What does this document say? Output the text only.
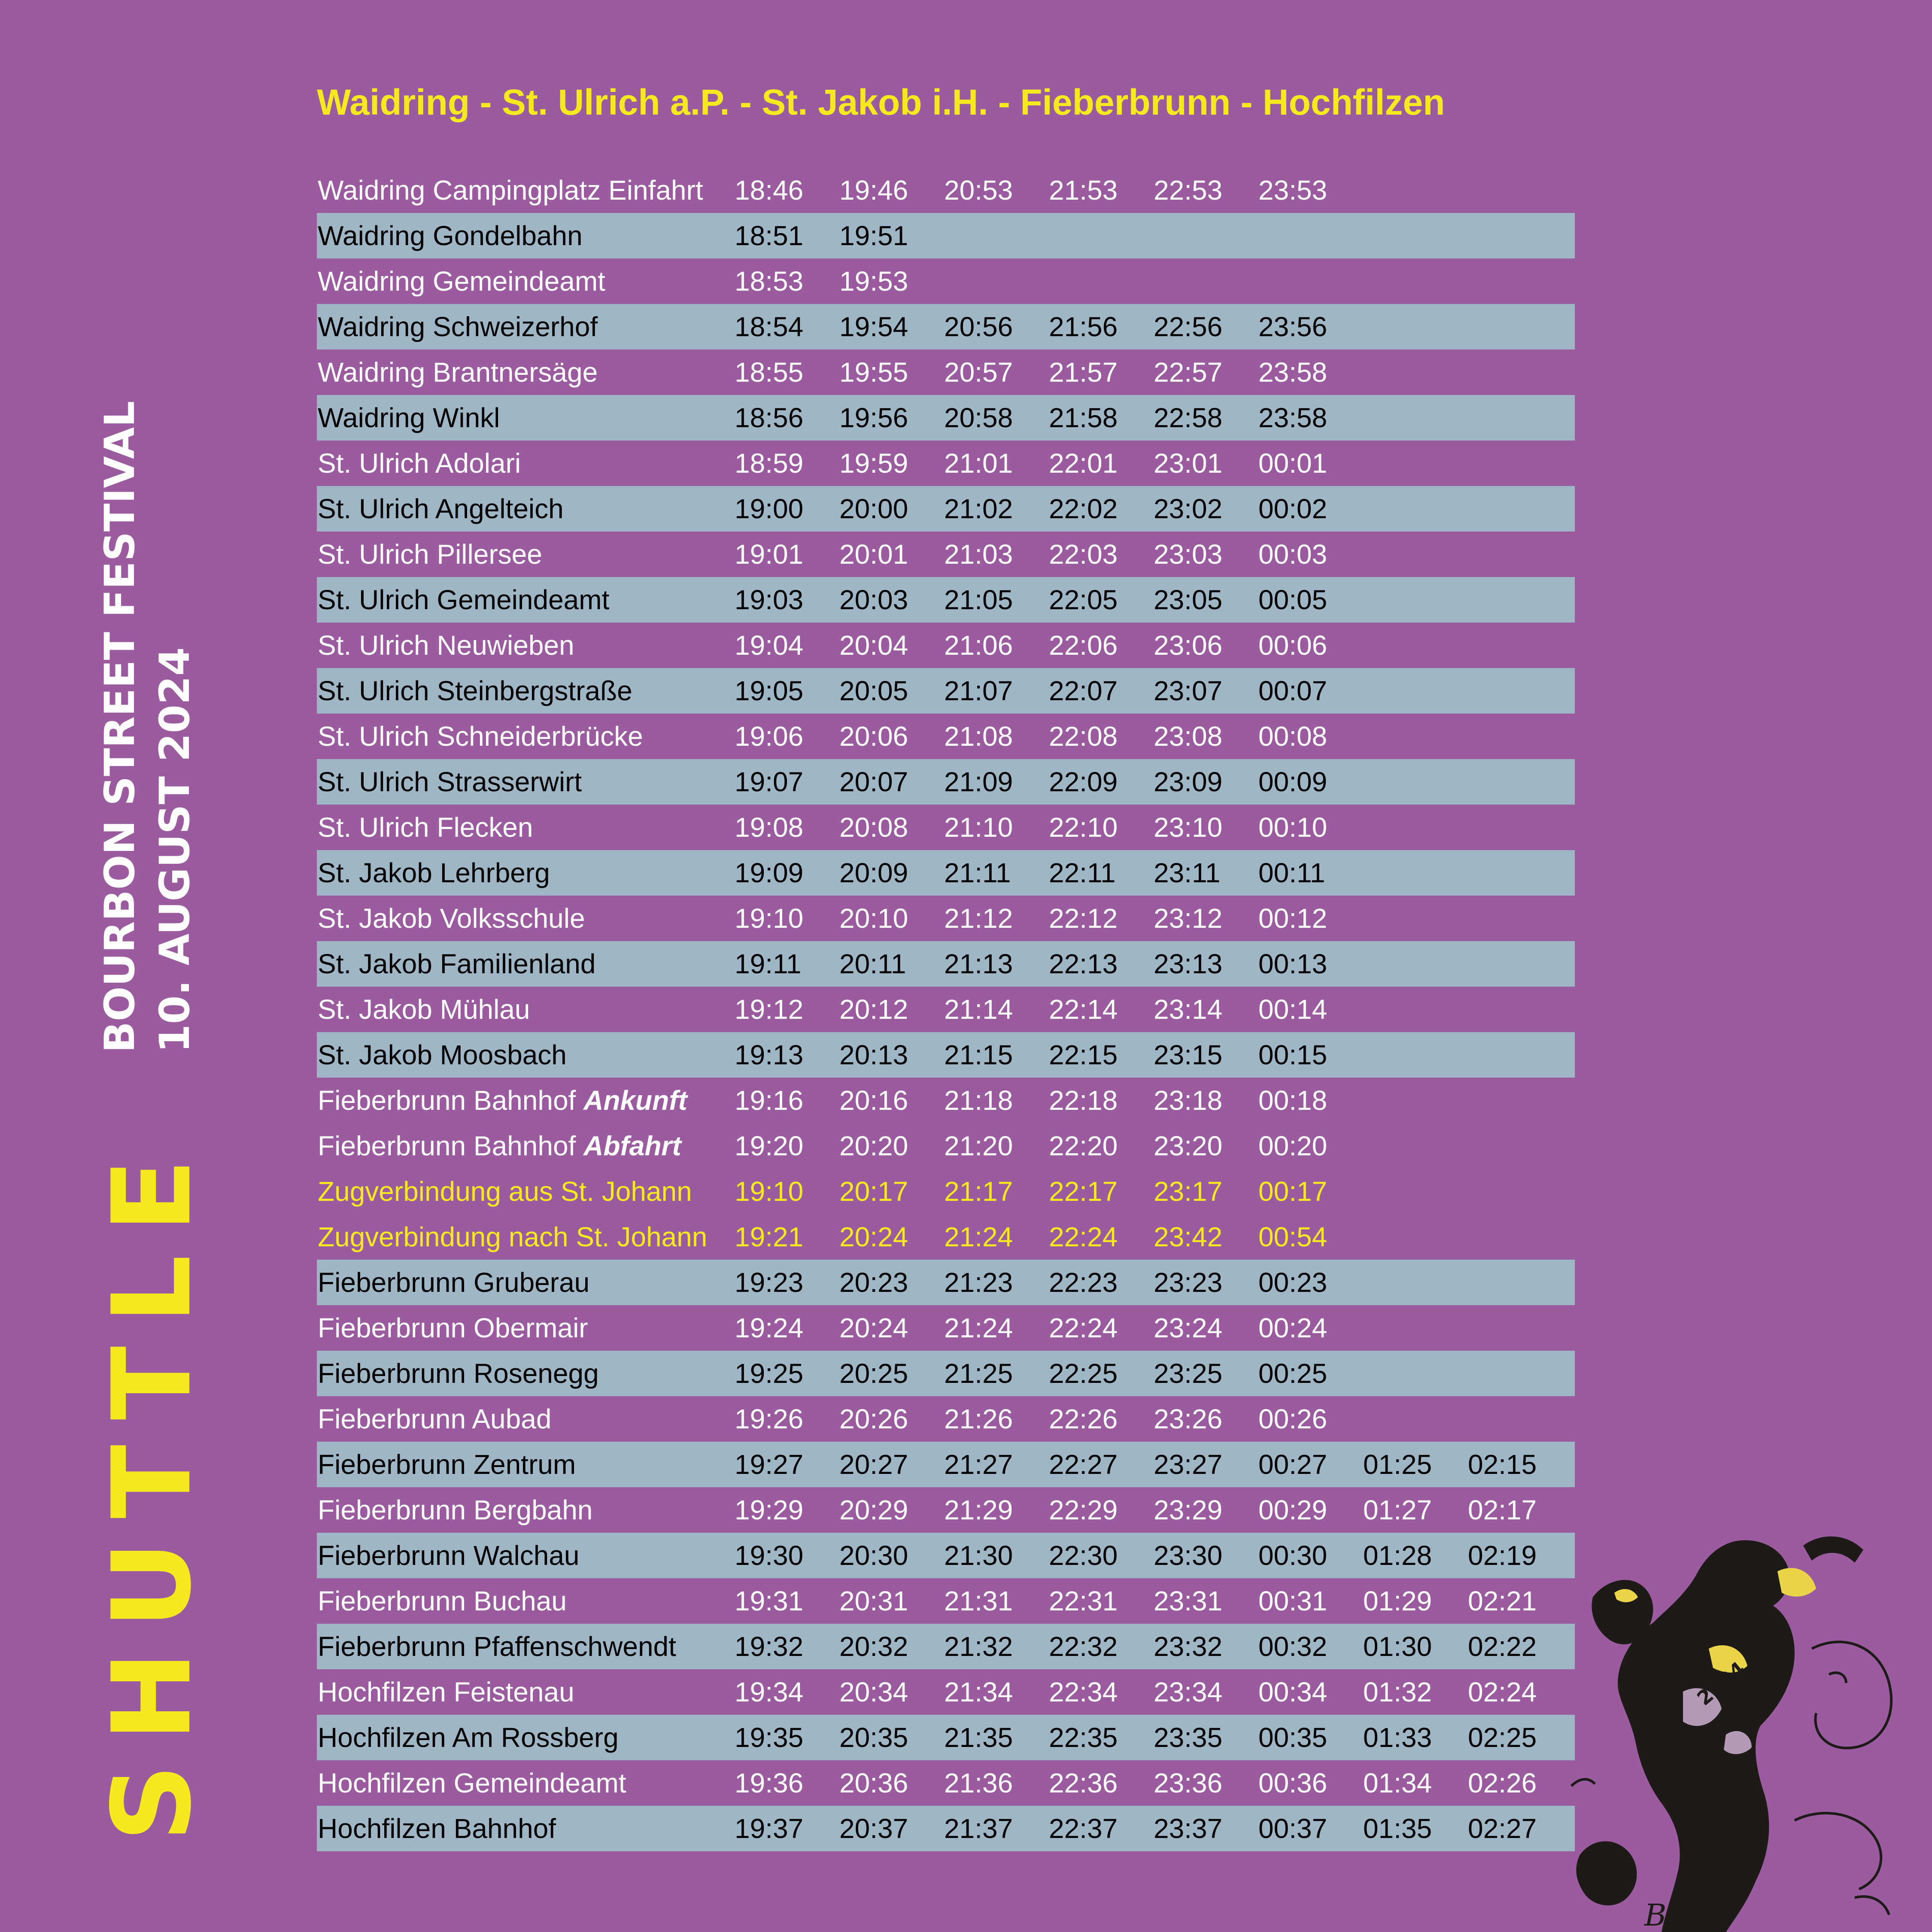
SHUTTLE
BOURBON STREET FESTIVAL 10. AUGUST 2024
Waidring - St. Ulrich a.P. - St. Jakob i.H. - Fieberbrunn - Hochfilzen
Waidring Campingplatz Einfahrt 18:46 19:46 20:53 21:53 22:53 23:53
Waidring Gondelbahn	18:51 19:51
Waidring Gemeindeamt	18:53 19:53
Waidring Schweizerhof	18:54 19:54 20:56 21:56 22:56 23:56
Waidring Brantnersäge	18:55 19:55 20:57 21:57 22:57 23:58
Waidring Winkl	18:56 19:56 20:58 21:58 22:58 23:58
St. Ulrich Adolari	18:59 19:59 21:01 22:01 23:01 00:01
St. Ulrich Angelteich	19:00 20:00 21:02 22:02 23:02 00:02
St. Ulrich Pillersee	19:01 20:01 21:03 22:03 23:03 00:03
St. Ulrich Gemeindeamt	19:03 20:03 21:05 22:05 23:05 00:05
St. Ulrich Neuwieben	19:04 20:04 21:06 22:06 23:06 00:06
St. Ulrich Steinbergstraße	19:05 20:05 21:07 22:07 23:07 00:07
St. Ulrich Schneiderbrücke	19:06 20:06 21:08 22:08 23:08 00:08
St. Ulrich Strasserwirt	19:07 20:07 21:09 22:09 23:09 00:09
St. Ulrich Flecken	19:08 20:08 21:10 22:10 23:10 00:10
St. Jakob Lehrberg	19:09 20:09 21:11 22:11 23:11 00:11
St. Jakob Volksschule	19:10 20:10 21:12 22:12 23:12 00:12
St. Jakob Familienland	19:11 20:11 21:13 22:13 23:13 00:13
St. Jakob Mühlau	19:12 20:12 21:14 22:14 23:14 00:14
St. Jakob Moosbach	19:13 20:13 21:15 22:15 23:15 00:15
Fieberbrunn Bahnhof Ankunft 19:16 20:16 21:18 22:18 23:18 00:18
Fieberbrunn Bahnhof Abfahrt 19:20 20:20 21:20 22:20 23:20 00:20
Zugverbindung aus St. Johann 19:10 20:17 21:17 22:17 23:17 00:17
Zugverbindung nach St. Johann 19:21 20:24 21:24 22:24 23:42 00:54
Fieberbrunn Gruberau	19:23 20:23 21:23 22:23 23:23 00:23
Fieberbrunn Obermair	19:24 20:24 21:24 22:24 23:24 00:24
Fieberbrunn Rosenegg	19:25 20:25 21:25 22:25 23:25 00:25
Fieberbrunn Aubad	19:26 20:26 21:26 22:26 23:26 00:26
Fieberbrunn Zentrum	19:27 20:27 21:27 22:27 23:27 00:27 01:25 02:15
Fieberbrunn Bergbahn	19:29 20:29 21:29 22:29 23:29 00:29 01:27 02:17
Fieberbrunn Walchau	19:30 20:30 21:30 22:30 23:30 00:30 01:28 02:19
Fieberbrunn Buchau	19:31 20:31 21:31 22:31 23:31 00:31 01:29 02:21
Fieberbrunn Pfaffenschwendt 19:32 20:32 21:32 22:32 23:32 00:32 01:30 02:22
Hochfilzen Feistenau	19:34 20:34 21:34 22:34 23:34 00:34 01:32 02:24
Hochfilzen Am Rossberg	19:35 20:35 21:35 22:35 23:35 00:35 01:33 02:25
Hochfilzen Gemeindeamt	19:36 20:36 21:36 22:36 23:36 00:36 01:34 02:26
Hochfilzen Bahnhof	19:37 20:37 21:37 22:37 23:37 00:37 01:35 02:27
Blues
2024
